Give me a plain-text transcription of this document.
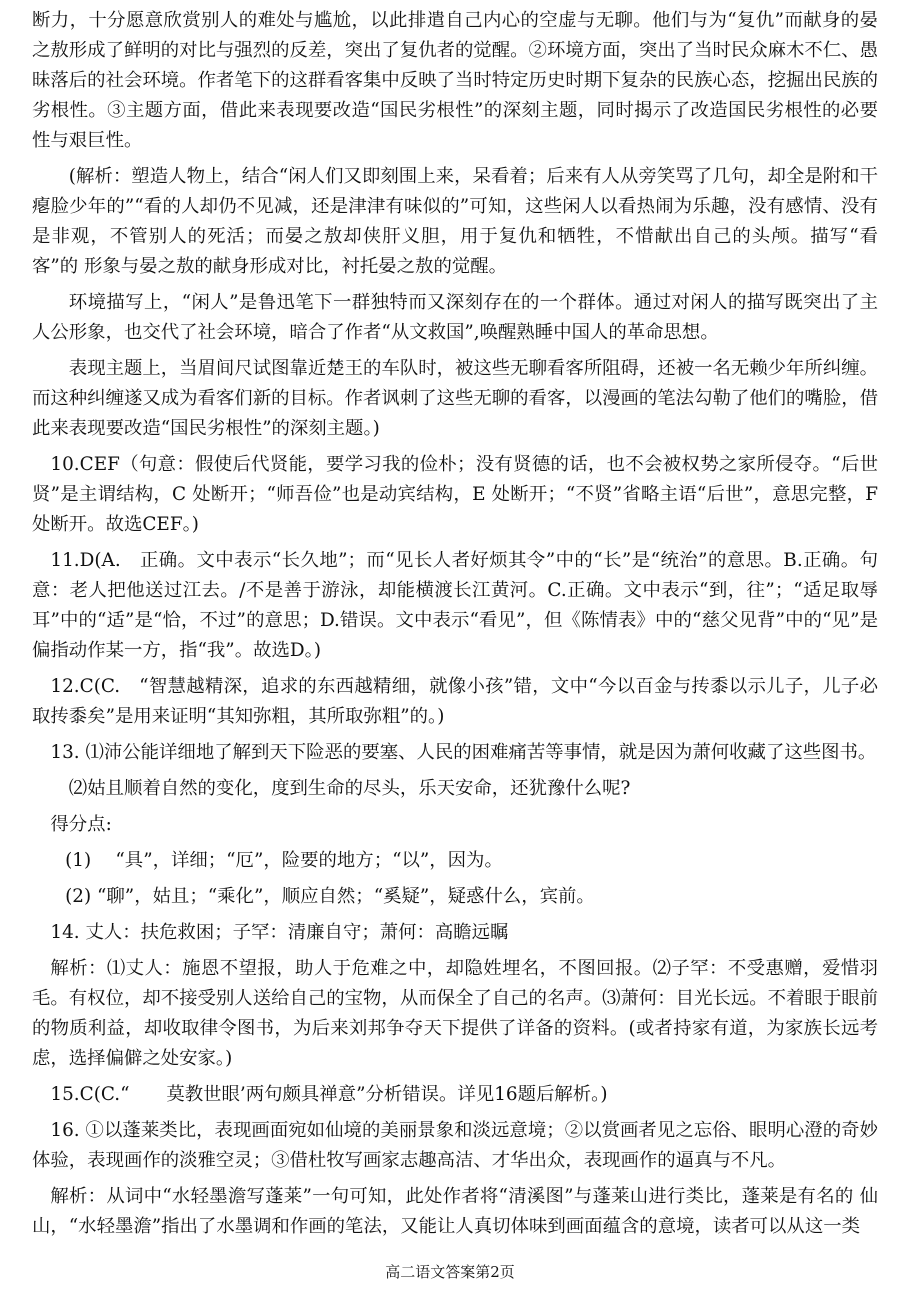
断力，十分愿意欣赏别人的难处与尴尬，以此排遣自己内心的空虚与无聊。他们与为“复仇”而献身的晏之敖形成了鲜明的对比与强烈的反差，突出了复仇者的觉醒。②环境方面，突出了当时民众麻木不仁、愚昧落后的社会环境。作者笔下的这群看客集中反映了当时特定历史时期下复杂的民族心态，挖掘出民族的劣根性。③主题方面，借此来表现要改造“国民劣根性”的深刻主题，同时揭示了改造国民劣根性的必要性与艰巨性。

(解析：塑造人物上，结合“闲人们又即刻围上来，呆看着；后来有人从旁笑骂了几句，却全是附和干瘪脸少年的”“看的人却仍不见减，还是津津有味似的”可知，这些闲人以看热闹为乐趣，没有感情、没有 是非观，不管别人的死活；而晏之敖却侠肝义胆，用于复仇和牺牲，不惜献出自己的头颅。描写“看客”的 形象与晏之敖的献身形成对比，衬托晏之敖的觉醒。

环境描写上，“闲人”是鲁迅笔下一群独特而又深刻存在的一个群体。通过对闲人的描写既突出了主人公形象，也交代了社会环境，暗合了作者“从文救国”,唤醒熟睡中国人的革命思想。

表现主题上，当眉间尺试图靠近楚王的车队时，被这些无聊看客所阻碍，还被一名无赖少年所纠缠。而这种纠缠遂又成为看客们新的目标。作者讽刺了这些无聊的看客，以漫画的笔法勾勒了他们的嘴脸，借此来表现要改造“国民劣根性”的深刻主题。)

10.CEF（句意：假使后代贤能，要学习我的俭朴；没有贤德的话，也不会被权势之家所侵夺。“后世贤”是主谓结构，C 处断开；“师吾俭”也是动宾结构，E 处断开；“不贤”省略主语“后世”，意思完整，F处断开。故选CEF。)

11.D(A.　正确。文中表示“长久地”；而“见长人者好烦其令”中的“长”是“统治”的意思。B.正确。句意：老人把他送过江去。/不是善于游泳，却能横渡长江黄河。C.正确。文中表示“到，往”；“适足取辱耳”中的“适”是“恰，不过”的意思；D.错误。文中表示“看见”，但《陈情表》中的“慈父见背”中的“见”是偏指动作某一方，指“我”。故选D。)

12.C(C.　“智慧越精深，追求的东西越精细，就像小孩”错，文中“今以百金与抟黍以示儿子，儿子必取抟黍矣”是用来证明“其知弥粗，其所取弥粗”的。)

13. ⑴沛公能详细地了解到天下险恶的要塞、人民的困难痛苦等事情，就是因为萧何收藏了这些图书。

⑵姑且顺着自然的变化，度到生命的尽头，乐天安命，还犹豫什么呢?

得分点:

(1)　 “具”，详细；“厄”，险要的地方；“以”，因为。

(2) “聊”，姑且；“乘化”，顺应自然；“奚疑”，疑惑什么，宾前。

14. 丈人：扶危救困；子罕：清廉自守；萧何：高瞻远瞩

解析：⑴丈人：施恩不望报，助人于危难之中，却隐姓埋名，不图回报。⑵子罕：不受惠赠，爱惜羽毛。有权位，却不接受别人送给自己的宝物，从而保全了自己的名声。⑶萧何：目光长远。不着眼于眼前的物质利益，却收取律令图书，为后来刘邦争夺天下提供了详备的资料。(或者持家有道，为家族长远考虑，选择偏僻之处安家。)

15.C(C.“　　莫教世眼’两句颇具禅意”分析错误。详见16题后解析。)

16. ①以蓬莱类比，表现画面宛如仙境的美丽景象和淡远意境；②以赏画者见之忘俗、眼明心澄的奇妙体验，表现画作的淡雅空灵；③借杜牧写画家志趣高洁、才华出众，表现画作的逼真与不凡。

解析：从词中“水轻墨澹写蓬莱”一句可知，此处作者将“清溪图”与蓬莱山进行类比，蓬莱是有名的 仙山，“水轻墨澹”指出了水墨调和作画的笔法，又能让人真切体味到画面蕴含的意境，读者可以从这一类

高二语文答案第2页
